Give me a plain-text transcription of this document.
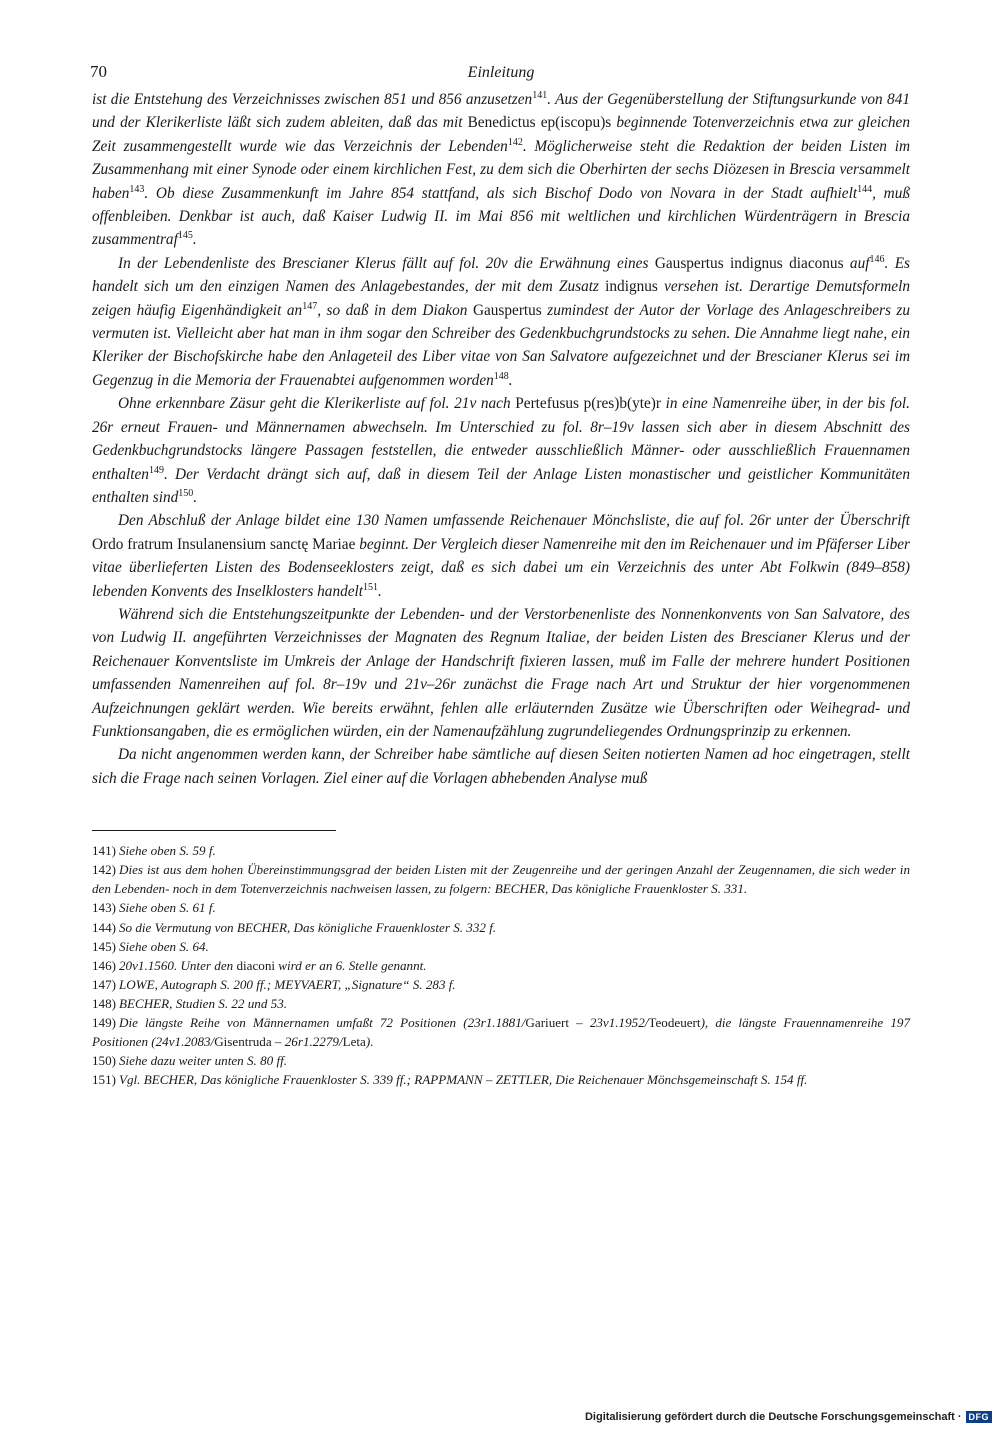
70	Einleitung

ist die Entstehung des Verzeichnisses zwischen 851 und 856 anzusetzen$^{141}$. Aus der Gegenüberstellung der Stiftungsurkunde von 841 und der Klerikerliste läßt sich zudem ableiten, daß das mit Benedictus ep(iscopu)s beginnende Totenverzeichnis etwa zur gleichen Zeit zusammengestellt wurde wie das Verzeichnis der Lebenden$^{142}$. Möglicherweise steht die Redaktion der beiden Listen im Zusammenhang mit einer Synode oder einem kirchlichen Fest, zu dem sich die Oberhirten der sechs Diözesen in Brescia versammelt haben$^{143}$. Ob diese Zusammenkunft im Jahre 854 stattfand, als sich Bischof Dodo von Novara in der Stadt aufhielt$^{144}$, muß offenbleiben. Denkbar ist auch, daß Kaiser Ludwig II. im Mai 856 mit weltlichen und kirchlichen Würdenträgern in Brescia zusammentraf$^{145}$.

In der Lebendenliste des Brescianer Klerus fällt auf fol. 20v die Erwähnung eines Gauspertus indignus diaconus auf$^{146}$. Es handelt sich um den einzigen Namen des Anlagebestandes, der mit dem Zusatz indignus versehen ist. Derartige Demutsformeln zeigen häufig Eigenhändigkeit $an^{147}$, so daß in dem Diakon Gauspertus zumindest der Autor der Vorlage des Anlageschreibers zu vermuten ist. Vielleicht aber hat man in ihm sogar den Schreiber des Gedenkbuchgrundstocks zu sehen. Die Annahme liegt nahe, ein Kleriker der Bischofskirche habe den Anlageteil des Liber vitae von San Salvatore aufgezeichnet und der Brescianer Klerus sei im Gegenzug in die Memoria der Frauenabtei aufgenommen worden$^{148}$.

Ohne erkennbare Zäsur geht die Klerikerliste auf fol. 21v nach Pertefusus p(res)b(yte)r in eine Namenreihe über, in der bis fol. 26r erneut Frauen- und Männernamen abwechseln. Im Unterschied zu fol. 8r–19v lassen sich aber in diesem Abschnitt des Gedenkbuchgrundstocks längere Passagen feststellen, die entweder ausschließlich Männer- oder ausschließlich Frauennamen enthalten$^{149}$. Der Verdacht drängt sich auf, daß in diesem Teil der Anlage Listen monastischer und geistlicher Kommunitäten enthalten sind$^{150}$.

Den Abschluß der Anlage bildet eine 130 Namen umfassende Reichenauer Mönchsliste, die auf fol. 26r unter der Überschrift Ordo fratrum Insulanensium sanctę Mariae beginnt. Der Vergleich dieser Namenreihe mit den im Reichenauer und im Pfäferser Liber vitae überlieferten Listen des Bodenseeklosters zeigt, daß es sich dabei um ein Verzeichnis des unter Abt Folkwin (849–858) lebenden Konvents des Inselklosters handelt$^{151}$.

Während sich die Entstehungszeitpunkte der Lebenden- und der Verstorbenenliste des Nonnenkonvents von San Salvatore, des von Ludwig II. angeführten Verzeichnisses der Magnaten des Regnum Italiae, der beiden Listen des Brescianer Klerus und der Reichenauer Konventsliste im Umkreis der Anlage der Handschrift fixieren lassen, muß im Falle der mehrere hundert Positionen umfassenden Namenreihen auf fol. 8r–19v und 21v–26r zunächst die Frage nach Art und Struktur der hier vorgenommenen Aufzeichnungen geklärt werden. Wie bereits erwähnt, fehlen alle erläuternden Zusätze wie Überschriften oder Weihegrad- und Funktionsangaben, die es ermöglichen würden, ein der Namenaufzählung zugrundeliegendes Ordnungsprinzip zu erkennen.

Da nicht angenommen werden kann, der Schreiber habe sämtliche auf diesen Seiten notierten Namen ad hoc eingetragen, stellt sich die Frage nach seinen Vorlagen. Ziel einer auf die Vorlagen abhebenden Analyse muß

141) Siehe oben S. 59 f.

142) Dies ist aus dem hohen Übereinstimmungsgrad der beiden Listen mit der Zeugenreihe und der geringen Anzahl der Zeugennamen, die sich weder in den Lebenden- noch in dem Totenverzeichnis nachweisen lassen, zu folgern: BECHER, Das königliche Frauenkloster S. 331.

143) Siehe oben S. 61 f.

144) So die Vermutung von BECHER, Das königliche Frauenkloster S. 332 f.

145) Siehe oben S. 64.

146) 20v1.1560. Unter den diaconi wird er an 6. Stelle genannt.

147) LOWE, Autograph S. 200 ff.; MEYVAERT, „Signature“ S. 283 f.

148) BECHER, Studien S. 22 und 53.

149) Die längste Reihe von Männernamen umfaßt 72 Positionen (23r1.1881/Gariuert – 23v1.1952/Teodeuert), die längste Frauennamenreihe 197 Positionen (24v1.2083/Gisentruda – 26r1.2279/Leta).

150) Siehe dazu weiter unten S. 80 ff.

151) Vgl. BECHER, Das königliche Frauenkloster S. 339 ff.; RAPPMANN – ZETTLER, Die Reichenauer Mönchsgemeinschaft S. 154 ff.

Digitalisierung gefördert durch die Deutsche Forschungsgemeinschaft · DFG
